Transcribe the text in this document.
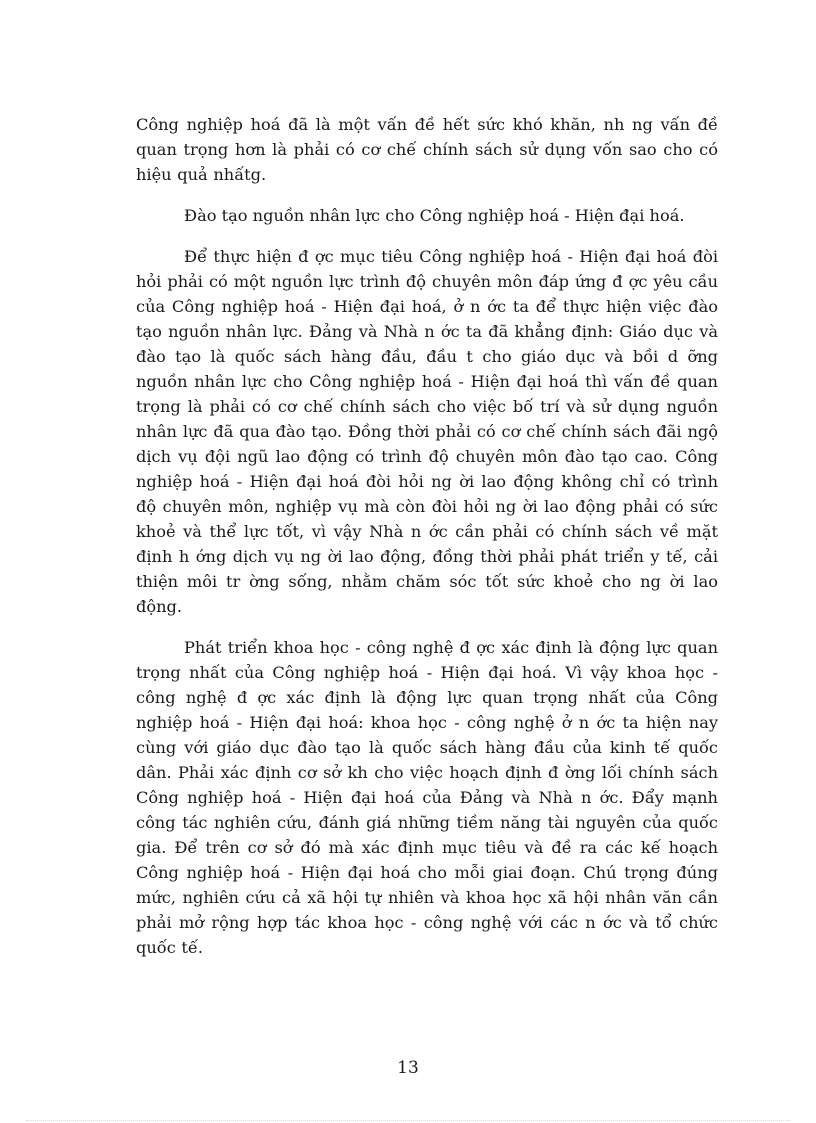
Công nghiệp hoá đã là một vấn đề hết sức khó khăn, nh ng vấn đề quan trọng hơn là phải có cơ chế chính sách sử dụng vốn sao cho có hiệu quả nhấtg.

Đào tạo nguồn nhân lực cho Công nghiệp hoá - Hiện đại hoá.

Để thực hiện đ ợc mục tiêu Công nghiệp hoá - Hiện đại hoá đòi hỏi phải có một nguồn lực trình độ chuyên môn đáp ứng đ ợc yêu cầu của Công nghiệp hoá - Hiện đại hoá, ở n ớc ta để thực hiện việc đào tạo nguồn nhân lực. Đảng và Nhà n ớc ta đã khẳng định: Giáo dục và đào tạo là quốc sách hàng đầu, đầu t cho giáo dục và bồi d ỡng nguồn nhân lực cho Công nghiệp hoá - Hiện đại hoá thì vấn đề quan trọng là phải có cơ chế chính sách cho việc bố trí và sử dụng nguồn nhân lực đã qua đào tạo. Đồng thời phải có cơ chế chính sách đãi ngộ dịch vụ đội ngũ lao động có trình độ chuyên môn đào tạo cao. Công nghiệp hoá - Hiện đại hoá đòi hỏi ng ời lao động không chỉ có trình độ chuyên môn, nghiệp vụ mà còn đòi hỏi ng ời lao động phải có sức khoẻ và thể lực tốt, vì vậy Nhà n ớc cần phải có chính sách về mặt định h ớng dịch vụ ng ời lao động, đồng thời phải phát triển y tế, cải thiện môi tr ờng sống, nhằm chăm sóc tốt sức khoẻ cho ng ời lao động.

Phát triển khoa học - công nghệ đ ợc xác định là động lực quan trọng nhất của Công nghiệp hoá - Hiện đại hoá. Vì vậy khoa học - công nghệ đ ợc xác định là động lực quan trọng nhất của Công nghiệp hoá - Hiện đại hoá: khoa học - công nghệ ở n ớc ta hiện nay cùng với giáo dục đào tạo là quốc sách hàng đầu của kinh tế quốc dân. Phải xác định cơ sở kh cho việc hoạch định đ ờng lối chính sách Công nghiệp hoá - Hiện đại hoá của Đảng và Nhà n ớc. Đẩy mạnh công tác nghiên cứu, đánh giá những tiềm năng tài nguyên của quốc gia. Để trên cơ sở đó mà xác định mục tiêu và đề ra các kế hoạch Công nghiệp hoá - Hiện đại hoá cho mỗi giai đoạn. Chú trọng đúng mức, nghiên cứu cả xã hội tự nhiên và khoa học xã hội nhân văn cần phải mở rộng hợp tác khoa học - công nghệ với các n ớc và tổ chức quốc tế.

13
